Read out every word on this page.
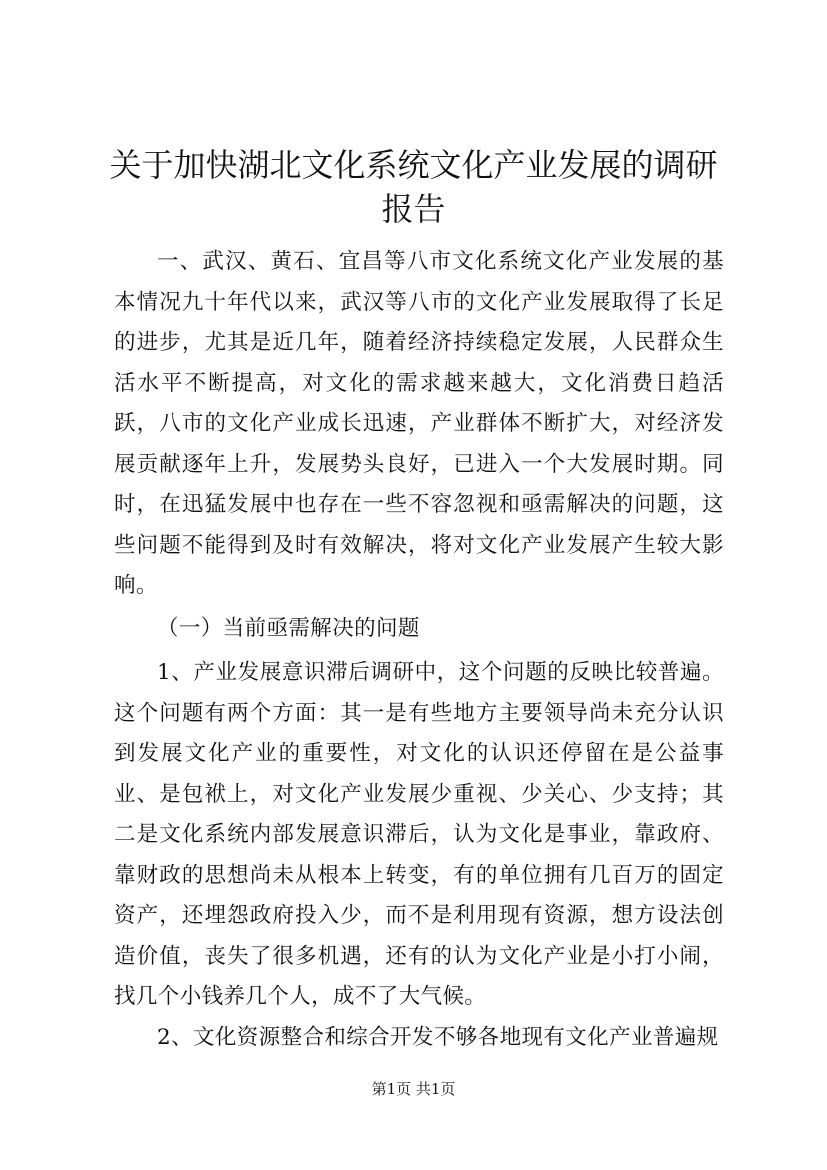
关于加快湖北文化系统文化产业发展的调研报告

一、武汉、黄石、宜昌等八市文化系统文化产业发展的基本情况九十年代以来，武汉等八市的文化产业发展取得了长足的进步，尤其是近几年，随着经济持续稳定发展，人民群众生活水平不断提高，对文化的需求越来越大，文化消费日趋活跃，八市的文化产业成长迅速，产业群体不断扩大，对经济发展贡献逐年上升，发展势头良好，已进入一个大发展时期。同时，在迅猛发展中也存在一些不容忽视和亟需解决的问题，这些问题不能得到及时有效解决，将对文化产业发展产生较大影响。

（一）当前亟需解决的问题

1、产业发展意识滞后调研中，这个问题的反映比较普遍。这个问题有两个方面：其一是有些地方主要领导尚未充分认识到发展文化产业的重要性，对文化的认识还停留在是公益事业、是包袱上，对文化产业发展少重视、少关心、少支持；其二是文化系统内部发展意识滞后，认为文化是事业，靠政府、靠财政的思想尚未从根本上转变，有的单位拥有几百万的固定资产，还埋怨政府投入少，而不是利用现有资源，想方设法创造价值，丧失了很多机遇，还有的认为文化产业是小打小闹，找几个小钱养几个人，成不了大气候。

2、文化资源整合和综合开发不够各地现有文化产业普遍规

第1页 共1页
